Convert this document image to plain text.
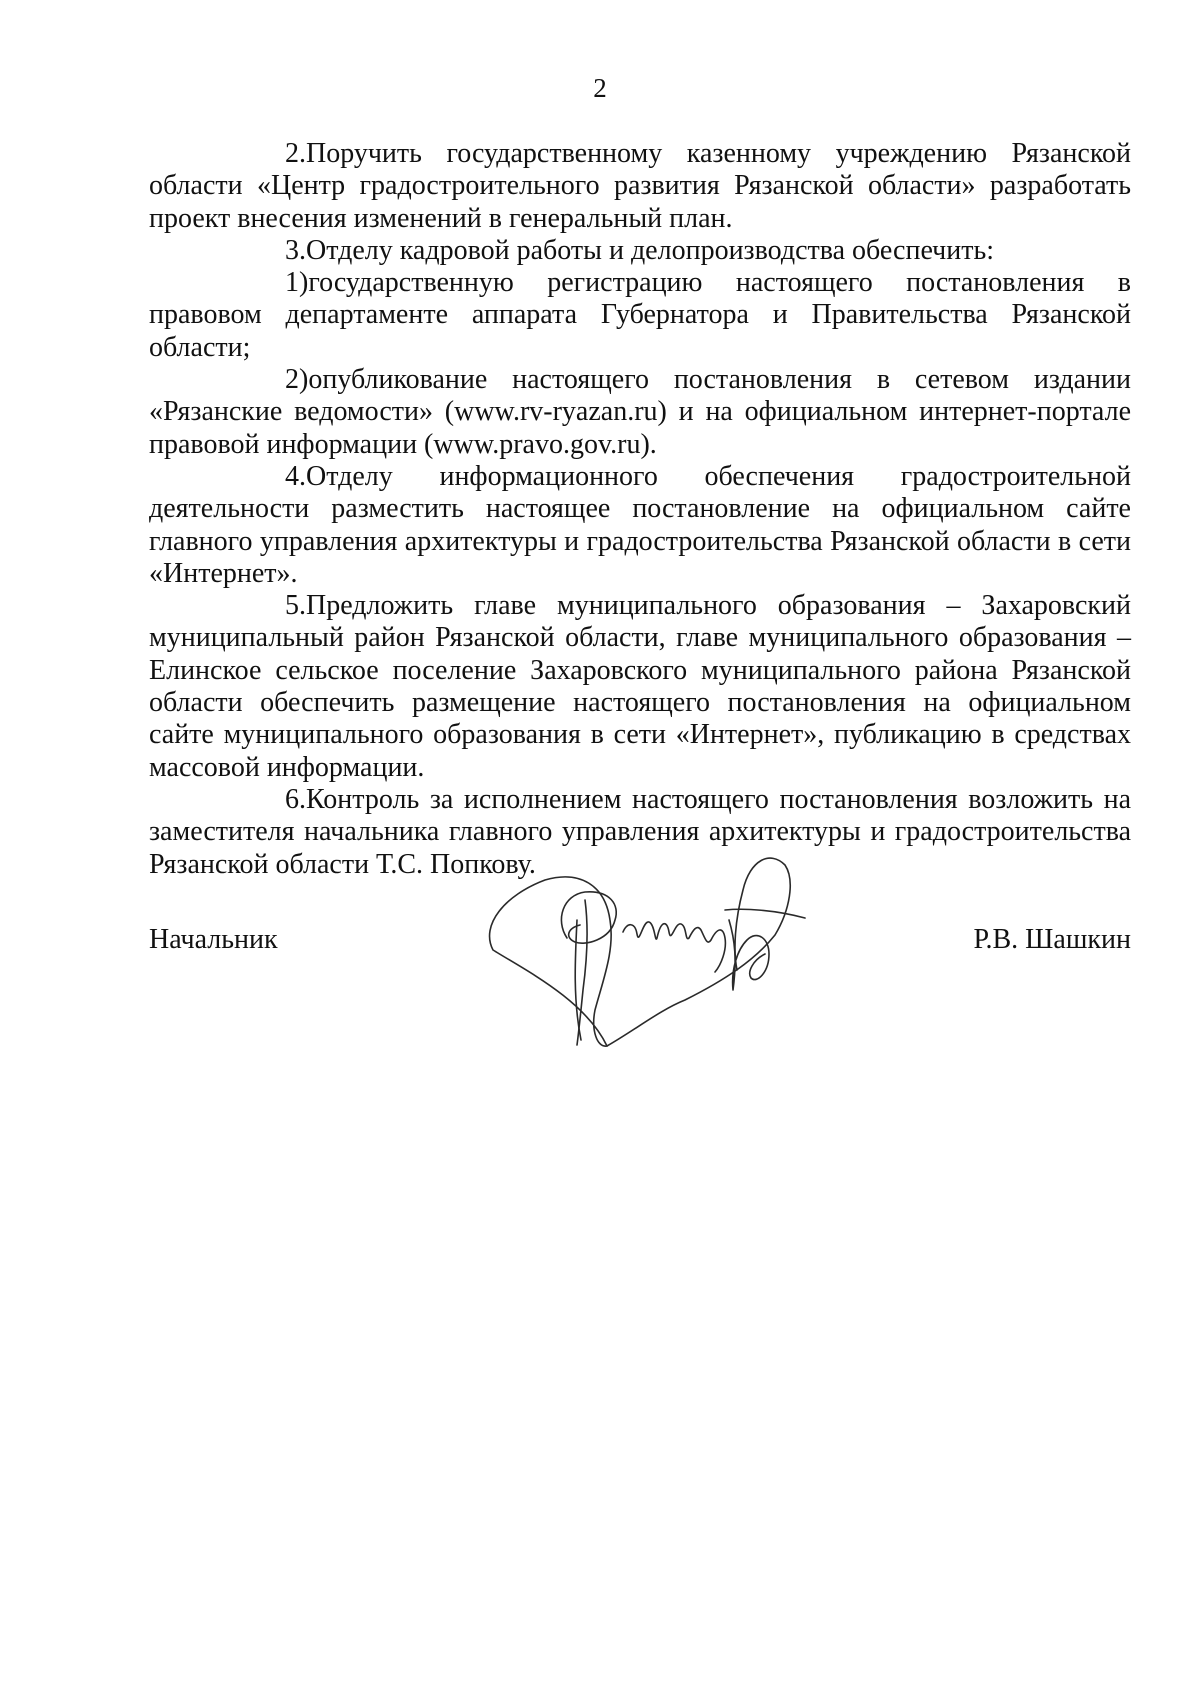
2

2.Поручить государственному казенному учреждению Рязанской области «Центр градостроительного развития Рязанской области» разработать проект внесения изменений в генеральный план.

3.Отделу кадровой работы и делопроизводства обеспечить:

1)государственную регистрацию настоящего постановления в правовом департаменте аппарата Губернатора и Правительства Рязанской области;

2)опубликование настоящего постановления в сетевом издании «Рязанские ведомости» (www.rv-ryazan.ru) и на официальном интернет-портале правовой информации (www.pravo.gov.ru).

4.Отделу информационного обеспечения градостроительной деятельности разместить настоящее постановление на официальном сайте главного управления архитектуры и градостроительства Рязанской области в сети «Интернет».

5.Предложить главе муниципального образования – Захаровский муниципальный район Рязанской области, главе муниципального образования – Елинское сельское поселение Захаровского муниципального района Рязанской области обеспечить размещение настоящего постановления на официальном сайте муниципального образования в сети «Интернет», публикацию в средствах массовой информации.

6.Контроль за исполнением настоящего постановления возложить на заместителя начальника главного управления архитектуры и градостроительства Рязанской области Т.С. Попкову.

Начальник	Р.В. Шашкин
